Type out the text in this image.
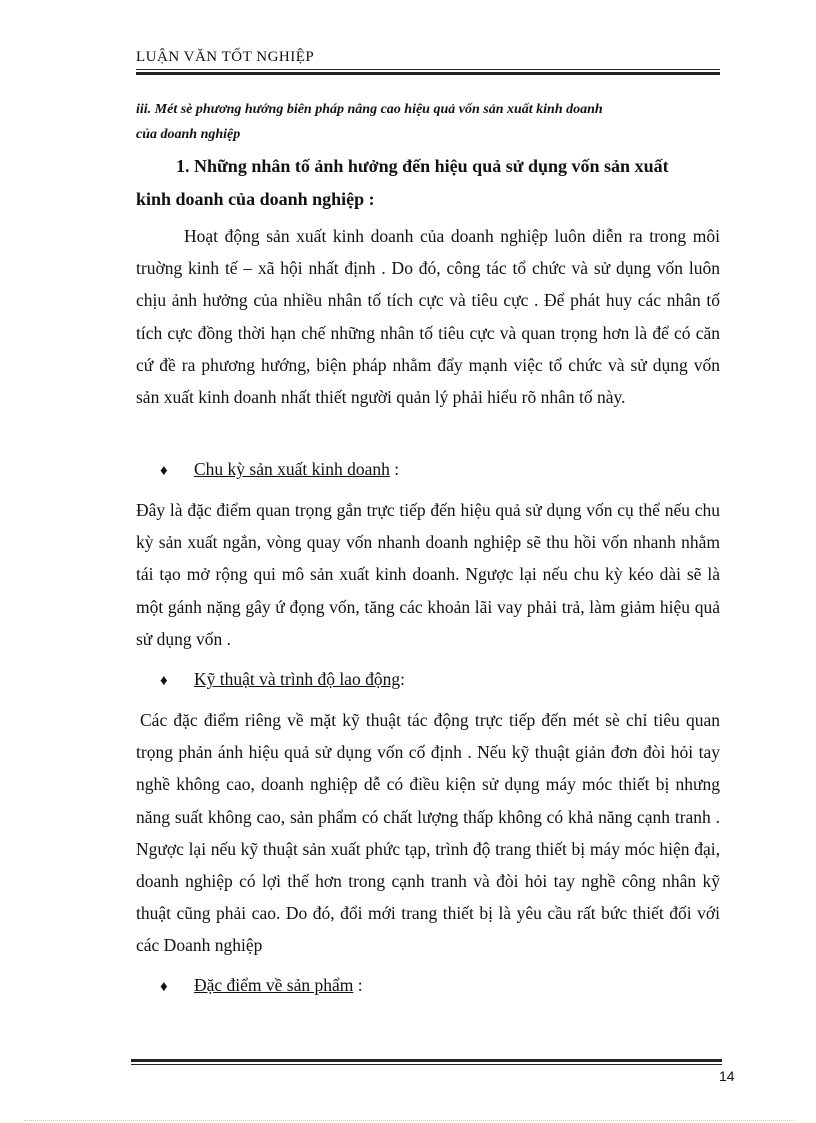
LUẬN VĂN TỐT NGHIỆP
iii. Mét sè phương hướng biên pháp nâng cao hiệu quả vốn sản xuất kinh doanh
của doanh nghiệp
1. Những nhân tố ảnh hưởng đến hiệu quả sử dụng vốn sản xuất
kinh doanh của doanh nghiệp :
Hoạt động sản xuất kinh doanh của doanh nghiệp luôn diễn ra trong môi truờng kinh tế – xã hội nhất định . Do đó, công tác tổ chức và sử dụng vốn luôn chịu ảnh hưởng của nhiều nhân tố tích cực và tiêu cực . Để phát huy các nhân tố tích cực đồng thời hạn chế những nhân tố tiêu cực và quan trọng hơn là để có căn cứ đề ra phương hướng, biện pháp nhằm đẩy mạnh việc tổ chức và sử dụng vốn sản xuất kinh doanh nhất thiết người quản lý phải hiểu rõ nhân tố này.
♦ Chu kỳ sản xuất kinh doanh :
Đây là đặc điểm quan trọng gắn trực tiếp đến hiệu quả sử dụng vốn cụ thể nếu chu kỳ sản xuất ngắn, vòng quay vốn nhanh doanh nghiệp sẽ thu hồi vốn nhanh nhằm tái tạo mở rộng qui mô sản xuất kinh doanh. Ngược lại nếu chu kỳ kéo dài sẽ là một gánh nặng gây ứ đọng vốn, tăng các khoản lãi vay phải trả, làm giảm hiệu quả sử dụng vốn .
♦ Kỹ thuật và trình độ lao động:
Các đặc điểm riêng về mặt kỹ thuật tác động trực tiếp đến mét sè chỉ tiêu quan trọng phản ánh hiệu quả sử dụng vốn cố định . Nếu kỹ thuật giản đơn đòi hỏi tay nghề không cao, doanh nghiệp dễ có điều kiện sử dụng máy móc thiết bị nhưng năng suất không cao, sản phẩm có chất lượng thấp không có khả năng cạnh tranh . Ngược lại nếu kỹ thuật sản xuất phức tạp, trình độ trang thiết bị máy móc hiện đại, doanh nghiệp có lợi thế hơn trong cạnh tranh và đòi hỏi tay nghề công nhân kỹ thuật cũng phải cao. Do đó, đổi mới trang thiết bị là yêu cầu rất bức thiết đối với các Doanh nghiệp
♦ Đặc điểm về sản phẩm :
14
